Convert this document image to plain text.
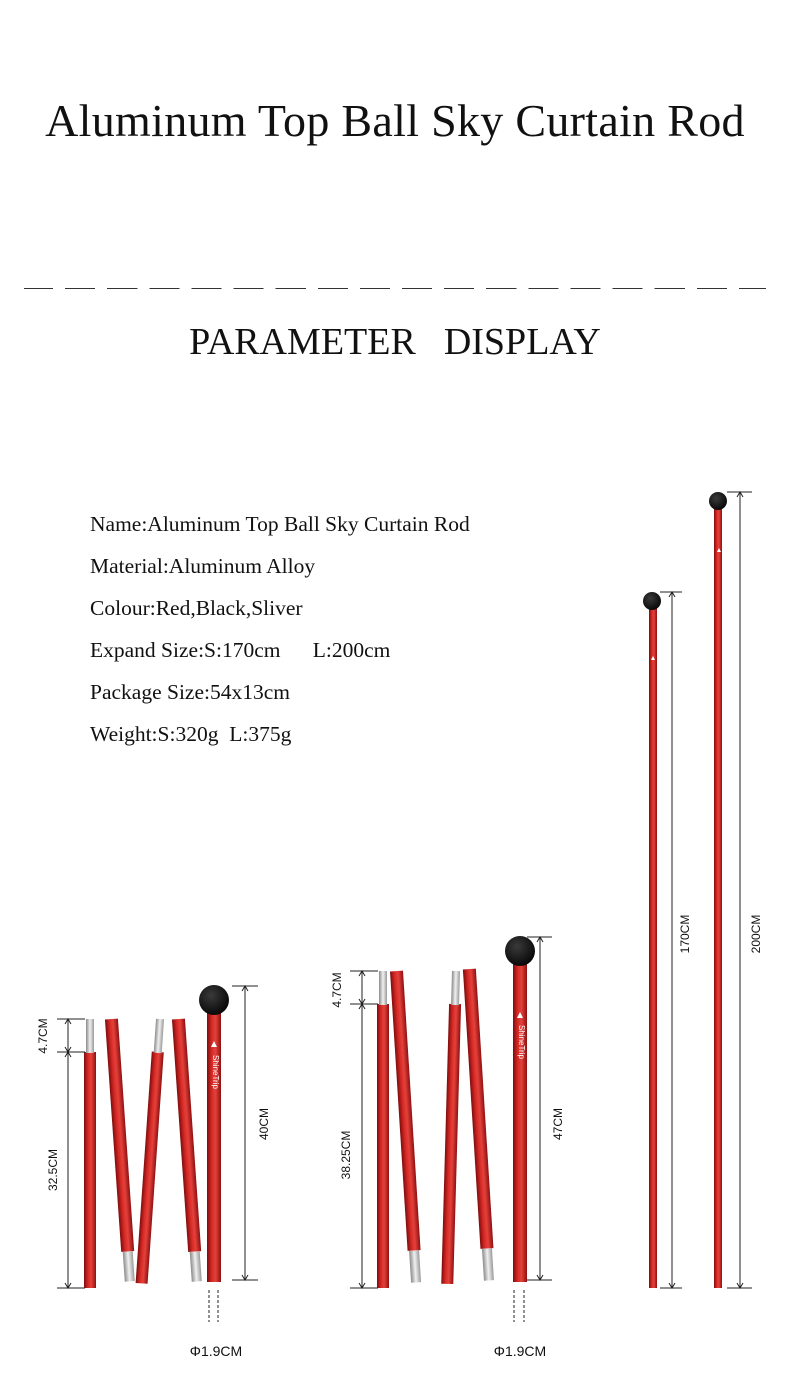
Aluminum Top Ball Sky Curtain Rod
PARAMETER DISPLAY
Name:Aluminum Top Ball Sky Curtain Rod
Material:Aluminum Alloy
Colour:Red,Black,Sliver
Expand Size:S:170cm      L:200cm
Package Size:54x13cm
Weight:S:320g  L:375g
ShineTrip
4.7CM
32.5CM
40CM
Φ1.9CM
ShineTrip
4.7CM
38.25CM
47CM
Φ1.9CM
170CM	200CM
